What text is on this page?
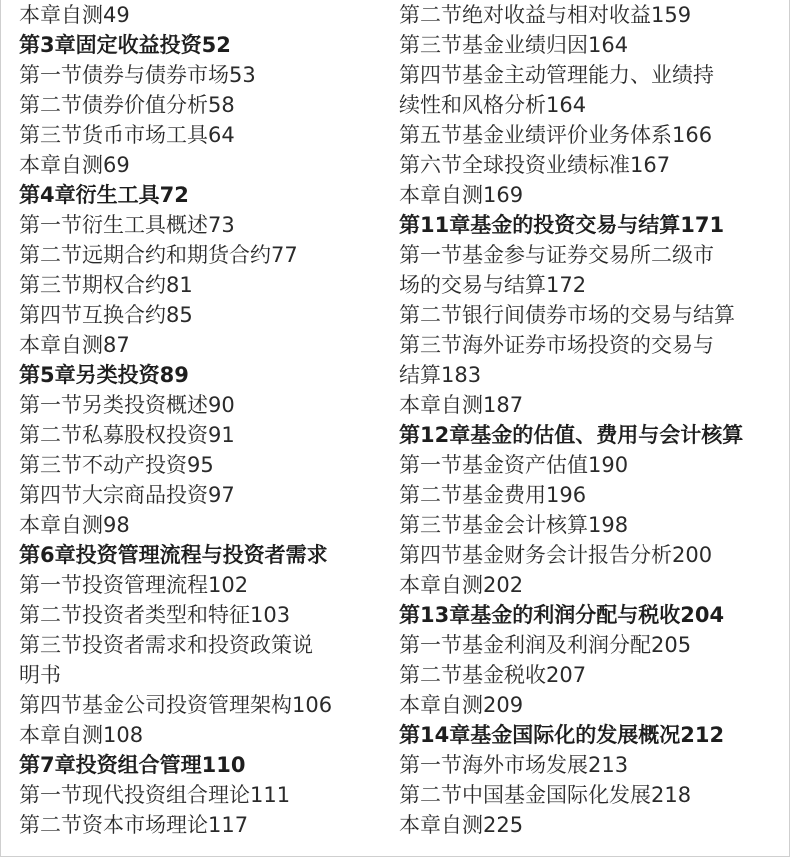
本章自测49
第3章固定收益投资52
第一节债券与债券市场53
第二节债券价值分析58
第三节货币市场工具64
本章自测69
第4章衍生工具72
第一节衍生工具概述73
第二节远期合约和期货合约77
第三节期权合约81
第四节互换合约85
本章自测87
第5章另类投资89
第一节另类投资概述90
第二节私募股权投资91
第三节不动产投资95
第四节大宗商品投资97
本章自测98
第6章投资管理流程与投资者需求
第一节投资管理流程102
第二节投资者类型和特征103
第三节投资者需求和投资政策说
明书
第四节基金公司投资管理架构106
本章自测108
第7章投资组合管理110
第一节现代投资组合理论111
第二节资本市场理论117
第二节绝对收益与相对收益159
第三节基金业绩归因164
第四节基金主动管理能力、业绩持
续性和风格分析164
第五节基金业绩评价业务体系166
第六节全球投资业绩标准167
本章自测169
第11章基金的投资交易与结算171
第一节基金参与证券交易所二级市
场的交易与结算172
第二节银行间债券市场的交易与结算
第三节海外证券市场投资的交易与
结算183
本章自测187
第12章基金的估值、费用与会计核算
第一节基金资产估值190
第二节基金费用196
第三节基金会计核算198
第四节基金财务会计报告分析200
本章自测202
第13章基金的利润分配与税收204
第一节基金利润及利润分配205
第二节基金税收207
本章自测209
第14章基金国际化的发展概况212
第一节海外市场发展213
第二节中国基金国际化发展218
本章自测225
